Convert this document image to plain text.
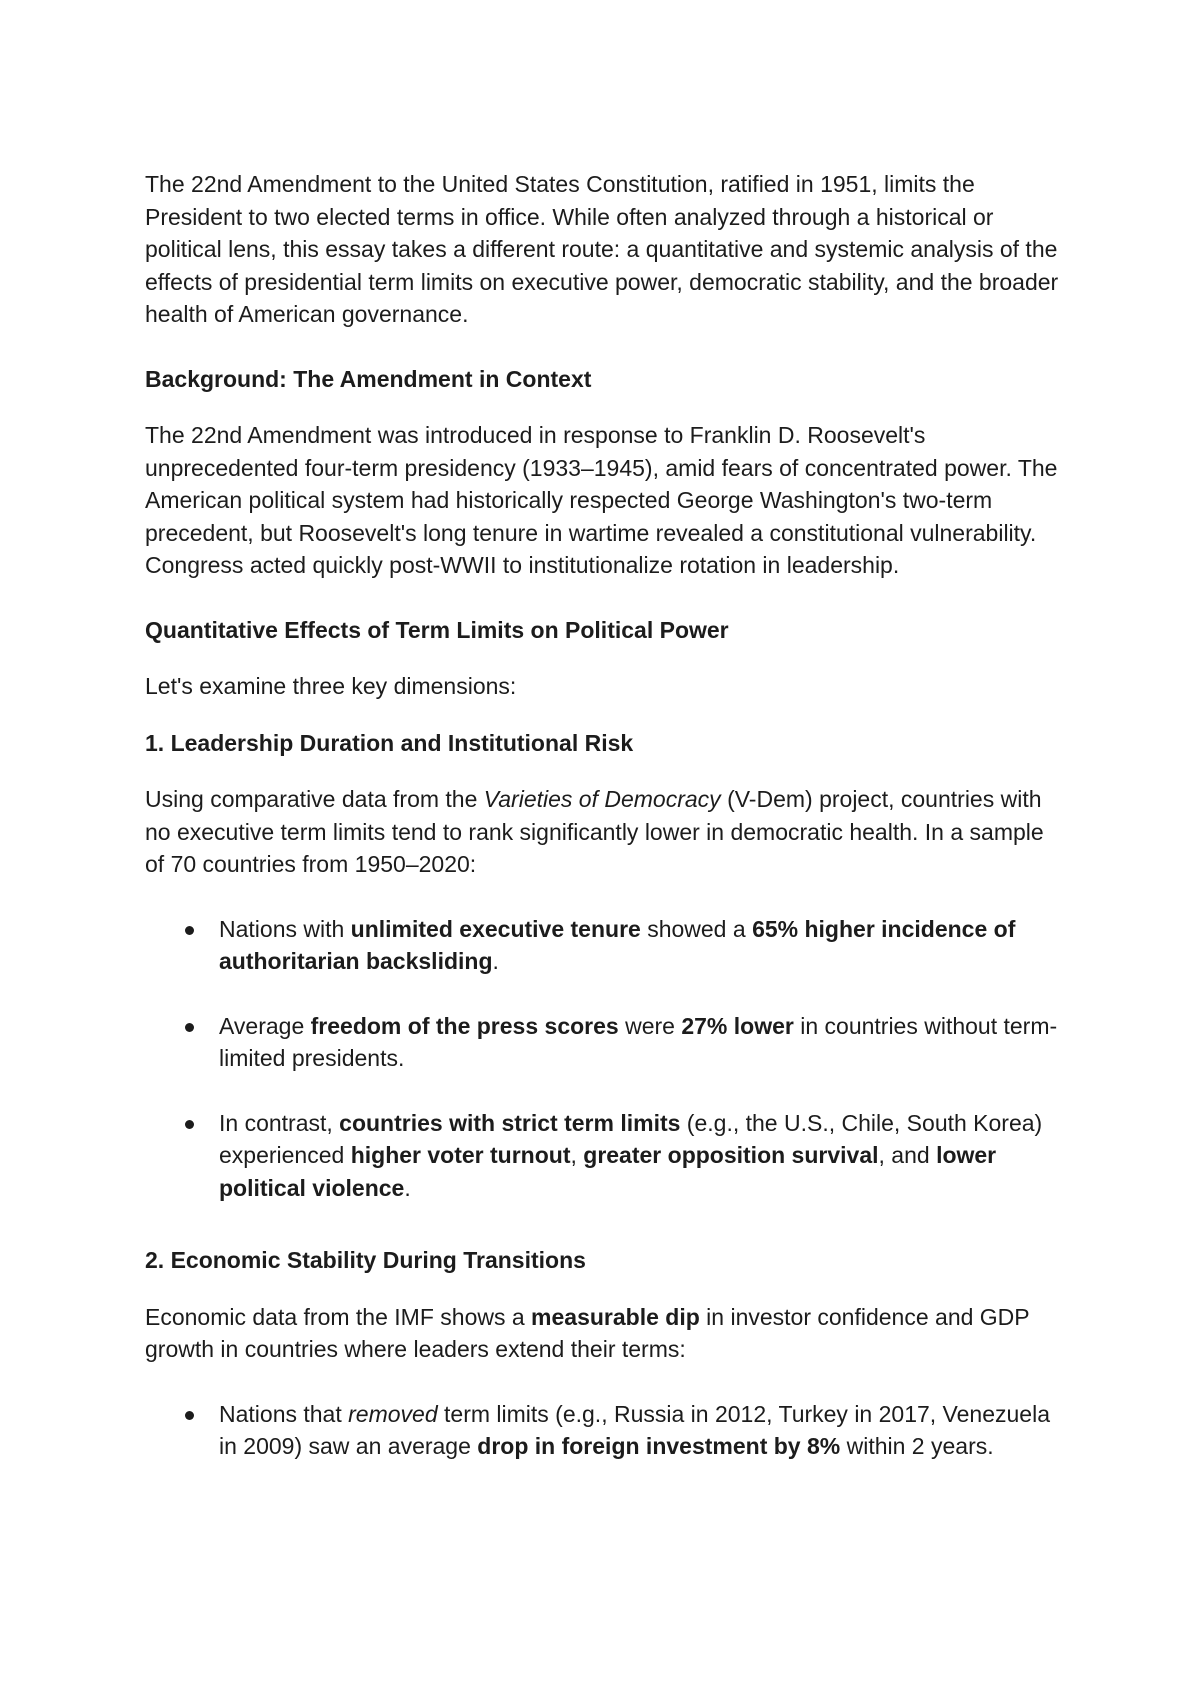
The 22nd Amendment to the United States Constitution, ratified in 1951, limits the President to two elected terms in office. While often analyzed through a historical or political lens, this essay takes a different route: a quantitative and systemic analysis of the effects of presidential term limits on executive power, democratic stability, and the broader health of American governance.

Background: The Amendment in Context

The 22nd Amendment was introduced in response to Franklin D. Roosevelt's unprecedented four-term presidency (1933–1945), amid fears of concentrated power. The American political system had historically respected George Washington's two-term precedent, but Roosevelt's long tenure in wartime revealed a constitutional vulnerability. Congress acted quickly post-WWII to institutionalize rotation in leadership.

Quantitative Effects of Term Limits on Political Power

Let's examine three key dimensions:

1. Leadership Duration and Institutional Risk

Using comparative data from the Varieties of Democracy (V-Dem) project, countries with no executive term limits tend to rank significantly lower in democratic health. In a sample of 70 countries from 1950–2020:

Nations with unlimited executive tenure showed a 65% higher incidence of authoritarian backsliding.
Average freedom of the press scores were 27% lower in countries without term-limited presidents.
In contrast, countries with strict term limits (e.g., the U.S., Chile, South Korea) experienced higher voter turnout, greater opposition survival, and lower political violence.

2. Economic Stability During Transitions

Economic data from the IMF shows a measurable dip in investor confidence and GDP growth in countries where leaders extend their terms:

Nations that removed term limits (e.g., Russia in 2012, Turkey in 2017, Venezuela in 2009) saw an average drop in foreign investment by 8% within 2 years.
